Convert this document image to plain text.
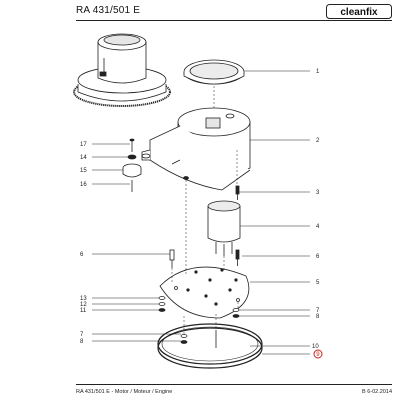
RA 431/501 E	cleanfix
RA 431/501 E - Motor / Moteur / Engine	B 6-02.2014
1
2
3
4
6
5
7
8
10
9
6
13
12
11
7
8
17
14
15
16
